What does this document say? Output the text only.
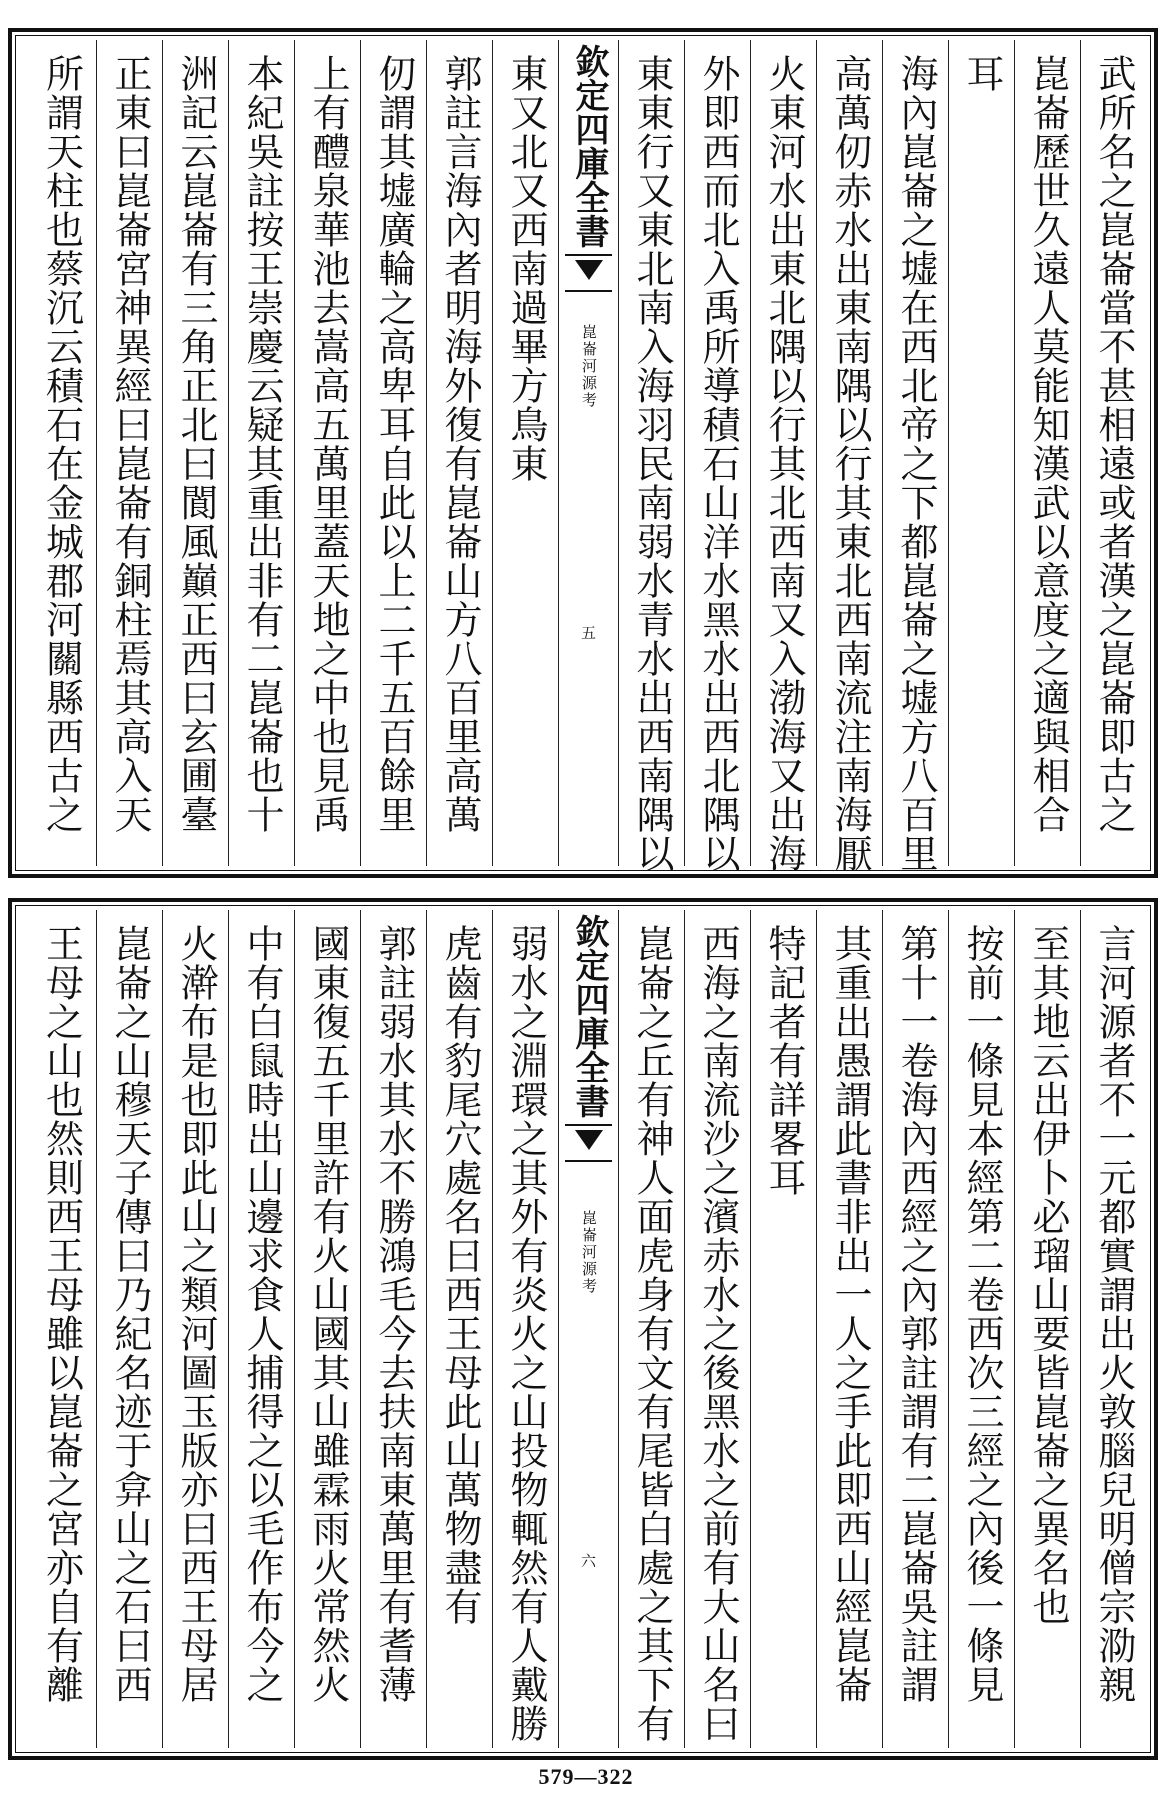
武所名之崑崙當不甚相遠或者漢之崑崙即古之
崑崙歷世久遠人莫能知漢武以意度之適與相合
耳
海內崑崙之墟在西北帝之下都崑崙之墟方八百里
高萬仞赤水出東南隅以行其東北西南流注南海厭
火東河水出東北隅以行其北西南又入渤海又出海
外即西而北入禹所導積石山洋水黑水出西北隅以
東東行又東北南入海羽民南弱水青水出西南隅以
欽定四庫全書
崑崙河源考
五
東又北又西南過畢方鳥東
郭註言海內者明海外復有崑崙山方八百里高萬
仞謂其墟廣輪之高卑耳自此以上二千五百餘里
上有醴泉華池去嵩高五萬里蓋天地之中也見禹
本紀吳註按王崇慶云疑其重出非有二崑崙也十
洲記云崑崙有三角正北曰閬風巔正西曰玄圃臺
正東曰崑崙宮神異經曰崑崙有銅柱焉其高入天
所謂天柱也蔡沉云積石在金城郡河關縣西古之
言河源者不一元都實謂出火敦腦兒明僧宗泐親
至其地云出伊卜必瑠山要皆崑崙之異名也
按前一條見本經第二卷西次三經之內後一條見
第十一卷海內西經之內郭註謂有二崑崙吳註謂
其重出愚謂此書非出一人之手此即西山經崑崙
特記者有詳畧耳
西海之南流沙之濱赤水之後黑水之前有大山名曰
崑崙之丘有神人面虎身有文有尾皆白處之其下有
欽定四庫全書
崑崙河源考
六
弱水之淵環之其外有炎火之山投物輒然有人戴勝
虎齒有豹尾穴處名曰西王母此山萬物盡有
郭註弱水其水不勝鴻毛今去扶南東萬里有耆薄
國東復五千里許有火山國其山雖霖雨火常然火
中有白鼠時出山邊求食人捕得之以毛作布今之
火澣布是也即此山之類河圖玉版亦曰西王母居
崑崙之山穆天子傳曰乃紀名迹于弇山之石曰西
王母之山也然則西王母雖以崑崙之宮亦自有離
579—322
